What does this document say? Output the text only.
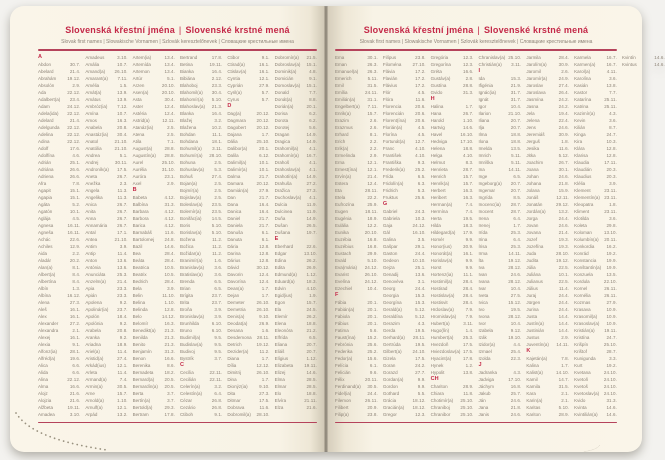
Slovenská křestní jména | Slovenské krstné mená
Slovak first names | Slowakische Vornamen | Szlovák keresztelőnevek | Словацкие крестильные имена
A
Abdon	30.7.
Abelard	21.4.
Abrahám 19.12.
Absolón	2.9.
Ada	22.12.
Adalbert(a) 23.4.
Adam	24.12.
Adela(ida) 22.12.
Adelard	21.4.
Adelgunda 22.12.
Adelina	22.12.
Adina	22.12.
Adolf	17.6.
Adolfína	4.6.
Adrián	25.1.
Adriána	26.6.
Adriena	26.6.
Afra	7.8.
Agapit	15.1.
Agapia	15.1.
Agáta	5.2.
Agatón	10.1.
Aglája	4.5.
Agnesa	16.11.
Agneša	16.11.
Achác	22.6.
Achiles	12.9.
Aida	2.2.
Aladár	20.2.
Alan(a)	8.1.
Albert(a)	8.4.
Albertína	8.4.
Albín	1.3.
Albína	16.12.
Alena	27.3.
Aleš	16.1.
Alex	16.1.
Alexander	27.2.
Alexandra	2.1.
Alexej	16.1.
Alexia	9.1.
Alfonz(ia)	28.1.
Alfréd(a)	19.6.
Alica	6.6.
Alida	6.6.
Alina	22.12.
Alma	16.6.
Alojz	21.6.
Alojzia	21.6.
Alžbeta	19.11.
Amadea	3.10.
Amadeus	3.10.
Amália	10.7.
Amand(a) 26.10.
Amarant(a) 7.11.
Amélia	1.5.
Amát(a)	13.9.
Amátus	13.9.
Ambróz(ia) 7.12.
Amína	10.7.
Amos	16.3.
Anabela	20.8.
Anastáz(ia) 30.4.
Anatol	21.10.
Anatólia	21.10.
Andrea	5.1.
Andrej	30.11.
Androník(a) 17.5.
Aneta	26.7.
Anežka	2.3.
Angela	11.3.
Angelika	11.3.
Anica	26.7.
Anita	26.7.
Anna	26.7.
Annamária 26.7.
Antal	17.1.
Antea	21.10.
Antim	3.9.
Antip	11.4.
Anton	13.6.
Antónia	13.6.
Anunciáta	25.3.
Anzelm(a)	21.4.
Apia	23.3.
Apián	23.3.
Apolena	9.2.
Apolinár(ia) 23.7.
Apolón	18.4.
Apolónia	9.2.
Arabela	20.8.
Aranka	9.2.
Ariadna	18.9.
Ariel(a)	11.4.
Aristid(a)	27.4.
Arkád(ius)	12.1.
Arleta	11.4.
Armand(a)	7.4.
Armin(a)	30.5.
Arne	15.7.
Arnold(a)	1.10.
Arnulf(a)	12.1.
Arpád	13.2.
Artem(ia)	13.4.
Artemída	13.4.
Artemon	13.4.
Artúr	5.1.
Arzen	20.10.
Asen(a)	20.10.
Asta	30.4.
Aster	12.4.
Astéria	12.4.
Astrid(a)	12.11.
Atanáz(ia)	2.5.
Atena	2.5.
Atila	7.1.
August(a)	28.8.
Augustín(a) 28.8.
Aurel	25.10.
Aurélia	31.10.
Auróra	23.1.
Axel	2.9.
B
Babeta	4.12.
Balbína	31.3.
Barbara	4.12.
Barbora	4.12.
Barica	4.12.
Barnabáš	11.6.
Bartolomej 24.8.
Bazil	14.6.
Bea	28.4.
Beáta	28.4.
Beatrica	10.5.
Beatrix	10.5.
Bedrich	28.4.
Bela	3.9.
Belin	11.10.
Belina	1.10.
Belinda	12.8.
Belo	14.12.
Belomír	16.3.
Benedikt(a) 21.3.
Benilda	21.3.
Benito	21.3.
Benjamín	31.3.
Benon	16.6.
Berenika	8.6.
Bernadeta 18.2.
Bernard(a) 20.5.
Bernardín(a) 20.5.
Berta	3.7.
Bertín(a)	3.7.
Bertold(a)	29.3.
Bertram	17.8.
Bertrand	17.8.
Betina	19.11.
Bianka	16.4.
Bibiána	2.12.
Blahoboj	23.3.
Blahomil(a) 30.4.
Blahomír(a) 5.10.
Blahoslav(a) 21.3.
Blanka	16.4.
Blažej	3.2.
Blažena	10.2.
Bohdan	11.1.
Bohdana	18.1.
Bohumil(a) 3.11.
Bohumír(a) 28.10.
Bohuna	2.5.
Bohuslav(a) 5.3.
Bohuš	27.4.
Bojan(a)	2.5.
Bojmír(a)	2.5.
Bojislav(a)	2.5.
Boleslav(a) 23.5.
Bolemír(a) 23.5.
Bonifác(ia) 14.5.
Boris	5.10.
Borislav(a) 5.10.
Božena	11.2.
Božica	11.2.
Božidar(a)	11.2.
Branimír(a)	1.6.
Branislav(a) 3.6.
Bratislav(a)	3.6.
Brenda	6.5.
Brian	6.5.
Brígita	23.7.
Brita	23.7.
Broňa	3.9.
Bronislav(a) 3.9.
Brunhilda	6.10.
Bruno	6.10.
Budimil(a)	9.5.
Budislav(a)	9.5.
Budivoj	9.5.
Bystrík	3.7.
C
Cecília	22.11.
Cecilián	22.11.
Celerín(a)	3.2.
Celestín(a)	6.4.
Cézar	26.8.
Cezário	26.8.
Ctiboh	9.1.
Ctibor	9.1.
Ctirad(a)	16.1.
Ctislav(a)	16.1.
Cyntia	12.1.
Cyprián	27.9.
Cyril(a)	5.7.
Cyrus	5.7.
D
Dag(a)	20.12.
Dagmara 20.12.
Dagobert 20.12.
Dajana	1.7.
Dália	25.10.
Dalibor(a)	20.1.
Dalila	6.12.
Dalimil(a)	10.1.
Dalimír(a)	10.1.
Dalma	21.7.
Damara	20.12.
Damián(a) 27.9.
Dan	21.7.
Dana	16.4.
Danica	16.4.
Daniel	21.7.
Daniela	21.7.
Danuša	6.1.
Danuta	6.1.
Dária	12.8.
Darina	12.8.
Dárius	12.8.
Dávid	30.12.
Davorin	12.4.
Davorína	12.4.
Dean(a)	1.7.
Dejan	1.7.
Demeter	26.10.
Demetria 26.10.
Denis(a)	9.10.
Deodat(a)	26.9.
Desana	1.6.
Desdemona 28.11.
Detrich	19.12.
Dezider(a) 11.2.
Diana	1.7.
Dília	12.12.
Dimitrij	26.10.
Dina	1.7.
Dionýz(ia)	9.10.
Dita	27.3.
Ditmar	17.5.
Dobrava	11.6.
Dobromil(a) 28.10.
Dobromír(a) 21.5.
Dobroslav(a) 15.1.
Dominik(a)	4.8.
Domicián	9.1.
Domoslav(a) 15.1.
Donald	7.7.
Donát(a)	8.8.
Dorián(a)	20.1.
Dorisa	6.2.
Dorota	6.2.
Dorotej	5.6.
Dragan	14.9.
Dragica	14.9.
Drahomil(a) 4.1.
Drahomír(a) 16.7.
Drahoš	4.1.
Drahoslav(a) 4.1.
Drahotín(a) 14.9.
Drahuša	27.2.
Dražica	27.3.
Duchoslav(a) 4.1.
Dulcia	11.9.
Dulcinea	11.9.
Duňa	14.9.
Dušan	26.5.
Dušana	19.7.
E
Eberhard	22.6.
Edgar	13.10.
Edina	26.2.
Edita	26.9.
Edmund(a) 1.12.
Eduard(a)	18.3.
Edvin	4.10.
Egid(ius)	1.9.
Egon	15.7.
Ela	24.5.
Elemír	26.2.
Elena	18.8.
Eleonóra	21.2.
Elfrída	6.5.
Eliana	20.7.
Eliáš	20.7.
Elígius	1.12.
Elizabeta 19.11.
Elizej	14.6.
Elma	28.5.
Elmar	28.5.
Elo	18.8.
Elvíra	21.11.
Elza	21.6.
Slovenská křestní jména | Slovenské krstné mená
Slovak first names | Slowakische Vornamen | Szlovák keresztelőnevek | Словацкие крестильные имена
Ema	30.1.
Eman	26.3.
Emanuel(a) 26.3.
Emerich	5.11.
Emil	31.5.
Emília	24.11.
Emilián(a)	31.1.
Engelbert(a) 7.11.
Enrik(a)	15.7.
Erazim	2.6.
Erazmus	2.6.
Erhard	8.1.
Erich	2.2.
Erik(a)	2.2.
Ermelinda	2.9.
Erna	12.1.
Ernest(ína) 12.1.
Ervín(a)	21.4.
Estera	12.4.
Eta	28.11.
Etela	22.2.
Eufrozína	25.9.
Eugen	18.11.
Eugénia	18.9.
Eulália	12.2.
Eunika	20.10.
Euzébia	16.8.
Euzébius	16.8.
Eustach	29.9.
Evald	5.10.
Eva(mária) 24.12.
Evarist	26.10.
Evelína	24.12.
Ezechiel	10.4.
F
Fábia	20.1.
Fabián(a)	20.1.
Fabiola	20.1.
Fábius	20.1.
Fatima	5.6.
Faust(ína)	15.2.
Febrónia	25.6.
Federika	25.2.
Fedor(a)	15.6.
Felícia	6.1.
Felicián	9.6.
Félix	20.11.
Ferdinand(a) 30.5.
Fidel(ia)	24.4.
Filemon	26.11.
Filibert	20.9.
Filip(a)	23.8.
Filípus	23.8.
Filoména 27.10.
Flávia	17.2.
Flavián	17.2.
Flávius	17.2.
Flór	4.5.
Flóra	11.6.
Florencia	20.6.
Florencián	20.6.
Florent(ína) 20.6.
Florián(a)	4.5.
Florína	4.5.
Fortunát(a) 12.7.
Franc	4.10.
František	4.10.
Františka	9.3.
Frederik(a) 25.2.
Frída	6.5.
Fridolín(a)	6.3.
Fridrich	5.3.
Fruktus	25.6.
G
Gabriel	24.3.
Gabriela	10.3.
Gaja	24.12.
Gál	16.10.
Galina	3.5.
Gašpar	29.1.
Gaston	24.4.
Gedeon	10.10.
Gejza	25.1.
Genadij	13.6.
Genovéva	3.1.
Georg	24.4.
Georgia	15.3.
Georgína	15.3.
Gerald(a)	5.12.
Geraldína	5.12.
Gerazim	4.3.
Gerda	19.5.
Gerhard(a) 28.11.
Gertrúda	19.5.
Gilbert(a) 24.10.
Gizela	17.5.
Goran	24.2.
Gorazd	27.7.
Gordan(a)	9.9.
Gordon	9.9.
Gothard	5.5.
Grácia	18.12.
Gracián(a) 18.12.
Gregor	12.3.
Gregória	12.3.
Gregorína	12.3.
Gréta	16.6.
Gustáv(a)	2.8.
Gustína	28.8.
Gvido	31.3.
H
Halina	1.7.
Hana	26.7.
Harold	1.10.
Hartvig	14.6.
Havel	16.10.
Hedviga	17.10.
Helena	18.8.
Helga	4.10.
Helmut	8.3.
Henrieta	28.7.
Henrich	15.7.
Henrik(a)	15.7.
Herbert	16.3.
Heribert	16.3.
Herman(a)	7.4.
Hermína	7.4.
Herta	19.5.
Hilda	18.3.
Hildegard(a) 17.9.
Homér	9.9.
Honor(ius)	30.9.
Honorát(a) 16.1.
Horislav(a)	9.9.
Horst	9.9.
Hortenz(ia) 11.1.
Hostimil(a) 28.4.
Hostirad	28.4.
Hostislav(a) 28.4.
Hostisvit	28.4.
Hrdoslav(a)	7.9.
Hromislav(a) 7.9.
Hubert(a)	3.11.
Hugo(lín)	1.4.
Humbert(a) 25.3.
Hvezdoň	17.5.
Hviezdoslav(a) 17.5.
Hyacint(a)	17.8.
Hynek	1.2.
Hypolit	13.8.
CH
Chariton	28.9.
Chiara	11.8.
Chotimír(a) 25.10.
Chraniboj 25.10.
Chranibor 25.10.
Chranislav(a) 25.10.
Christián(a) 3.11.
I
Ida	15.3.
Ifigénia	21.9.
Ignác(ia)	31.7.
Ignát	31.7.
Igor	10.4.
Ilarion	21.10.
Iliana	20.7.
Ilja	20.7.
Ilma	18.8.
Ilona	18.8.
Imelda	13.5.
Imrich	5.11.
Imriška	5.11.
Ina	14.11.
Inge	6.5.
Ingeborg(a) 20.7.
Ingemar	20.7.
Ingrída	8.5.
Inocenc(ia) 28.7.
Inocent	28.7.
Irena	6.4.
Irenej	1.7.
Irída	25.3.
Irina	6.4.
Írisa	25.3.
Irma	14.11.
Íta	19.12.
Iva	28.12.
Ivan	24.6.
Ivana	28.12.
Ivar	10.4.
Iveta	27.5.
Ivica	15.12.
Ivo	19.5.
Ivona	28.12.
Ivor	10.4.
Izabela	9.12.
Izák	19.10.
Izidor(a)	4.4.
Izmael	25.4.
Izolda	22.3.
J
Jadranka	4.3.
Jadviga	17.10.
Jáchym	16.8.
Jakub	25.7.
Ján	24.6.
Jana	21.8.
Janis	24.6.
Jarmila	28.4.
Jarolím(a)	30.9.
Jaromil	2.6.
Jaromír(a)	24.9.
Jaroslav	27.4.
Jaroslava	26.4.
Jasmína	24.2.
Jasna	24.2.
Jela	19.4.
Jelena	22.4.
Jens	24.6.
Jeremiáš	30.9.
Jerguš	1.8.
Jesika	11.6.
Jitka	5.12.
Joachim	26.7.
Joana	30.1.
Johan	24.6.
Johana	21.8.
Jolana	15.9.
Jonáš	12.11.
Jonatán	29.12.
Jordán(a)	13.2.
Jorga	24.4.
Jovan	24.6.
Jovana	21.4.
Jozef	19.3.
Jozefína	19.3.
Juda	28.10.
Judita	19.12.
Júlia	22.5.
Juliána	10.1.
Julianus	22.5.
Július	11.4.
Juraj	24.4.
Jürgen	24.4.
Jurina	24.4.
Justa	14.4.
Justín(a)	14.4.
Justinián	14.4.
Justus	2.9.
Juventín(a) 14.11.
K
Kajetán(a)	7.8.
Kalina	1.7.
Kalist(a)	14.10.
Kamil	14.7.
Kamila	31.5.
Kara	2.1.
Karin(a)	2.1.
Karitas	5.10.
Kariton	28.9.
Karmela	16.7.
Karmen(a) 16.7.
Karol(a)	4.11.
Karolína	3.6.
Kasián	13.8.
Kastor	7.7.
Katarína	25.11.
Katrina	25.11.
Kazimír(a)	4.3.
Kevin	3.6.
Kilián	8.7.
Kinga	24.7.
Kira	10.3.
Klára	12.8.
Klarisa	12.8.
Klaudia	17.11.
Klaudián	20.3.
Klaudius	20.3.
Klélia	3.9.
Klement	23.11.
Klementín(a) 23.11.
Kleopatra	1.8.
Kliment	23.11.
Klotilda	3.6.
Koleta	29.8.
Koloman	13.10.
Kolumbín(a) 20.11.
Konkordia	16.2.
Konrád	19.2.
Konstancia 19.9.
Konštantín(a) 19.9.
Konzuela	13.5.
Kordula	22.10.
Kornel	26.11.
Kornélia	26.11.
Kozmas	27.9.
Krasava	10.9.
Krasomil(a) 10.9.
Krasoslav(a) 10.9.
Kristián(a) 19.11.
Kristína	24.7.
Krišpín	25.10.
Krištof	28.7.
Kunigunda	3.3.
Kurt	19.2.
Kvetana	24.10.
Kvetoň	24.10.
Kvetoš	24.10.
Kvetoslav(a) 24.10.
Kvido	31.3.
Kvinta	14.6.
Kvintilián(a) 14.6.
Kvintín	14.6.
Kvintus	14.6.
